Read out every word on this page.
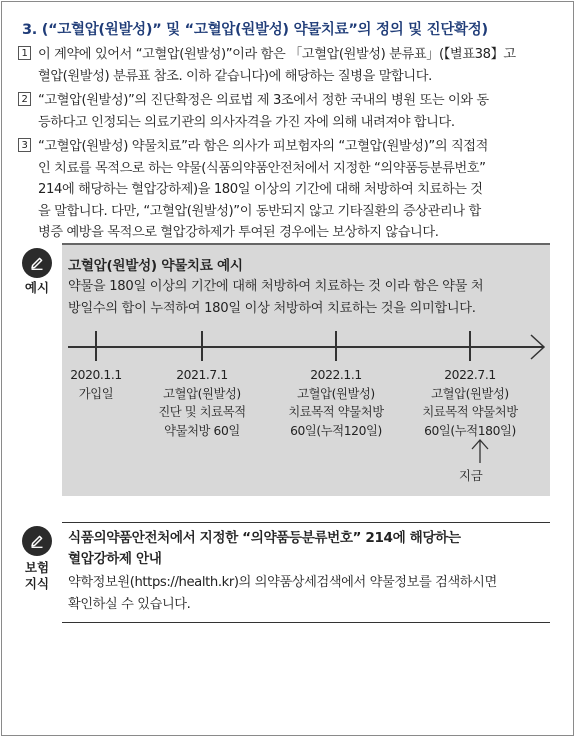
3. (“고혈압(원발성)” 및 “고혈압(원발성) 약물치료”의 정의 및 진단확정)
1 이 계약에 있어서 “고혈압(원발성)”이라 함은 「고혈압(원발성) 분류표」(【별표38】고
혈압(원발성) 분류표 참조. 이하 같습니다)에 해당하는 질병을 말합니다.
2 “고혈압(원발성)”의 진단확정은 의료법 제 3조에서 정한 국내의 병원 또는 이와 동
등하다고 인정되는 의료기관의 의사자격을 가진 자에 의해 내려져야 합니다.
3 “고혈압(원발성) 약물치료”라 함은 의사가 피보험자의 “고혈압(원발성)”의 직접적
인 치료를 목적으로 하는 약물(식품의약품안전처에서 지정한 “의약품등분류번호”
214에 해당하는 혈압강하제)을 180일 이상의 기간에 대해 처방하여 치료하는 것
을 말합니다. 다만, “고혈압(원발성)”이 동반되지 않고 기타질환의 증상관리나 합
병증 예방을 목적으로 혈압강하제가 투여된 경우에는 보상하지 않습니다.
예시
고혈압(원발성) 약물치료 예시
약물을 180일 이상의 기간에 대해 처방하여 치료하는 것 이라 함은 약물 처
방일수의 합이 누적하여 180일 이상 처방하여 치료하는 것을 의미합니다.
2020.1.1
가입일
2021.7.1
고혈압(원발성)
진단 및 치료목적
약물처방 60일
2022.1.1
고혈압(원발성)
치료목적 약물처방
60일(누적120일)
2022.7.1
고혈압(원발성)
치료목적 약물처방
60일(누적180일)
지금
보험
지식
식품의약품안전처에서 지정한 “의약품등분류번호” 214에 해당하는
혈압강하제 안내
약학정보원(https://health.kr)의 의약품상세검색에서 약물정보를 검색하시면
확인하실 수 있습니다.
